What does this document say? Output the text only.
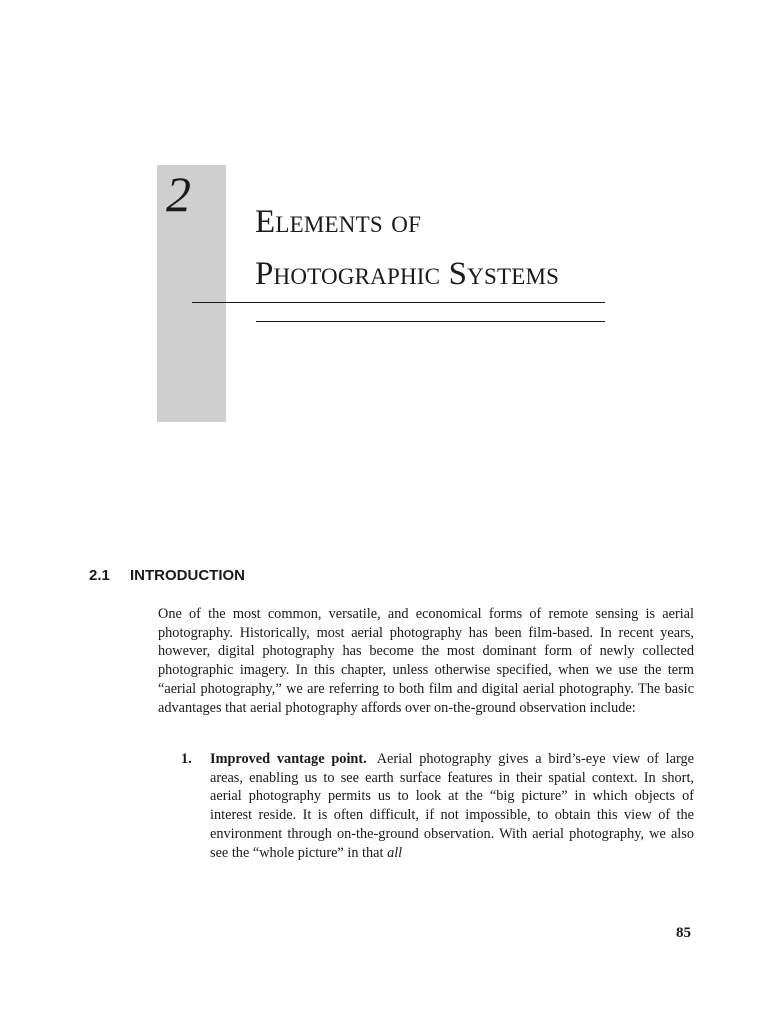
2 Elements of
Photographic Systems
2.1 INTRODUCTION

One of the most common, versatile, and economical forms of remote sensing is aerial photography. Historically, most aerial photography has been film-based. In recent years, however, digital photography has become the most dominant form of newly collected photographic imagery. In this chapter, unless otherwise specified, when we use the term “aerial photography,” we are referring to both film and digital aerial photography. The basic advantages that aerial photography affords over on-the-ground observation include:

1.	Improved vantage point. Aerial photography gives a bird’s-eye view of large areas, enabling us to see earth surface features in their spatial context. In short, aerial photography permits us to look at the “big picture” in which objects of interest reside. It is often difficult, if not impossible, to obtain this view of the environment through on-the-ground observation. With aerial photography, we also see the “whole picture” in that all

85
